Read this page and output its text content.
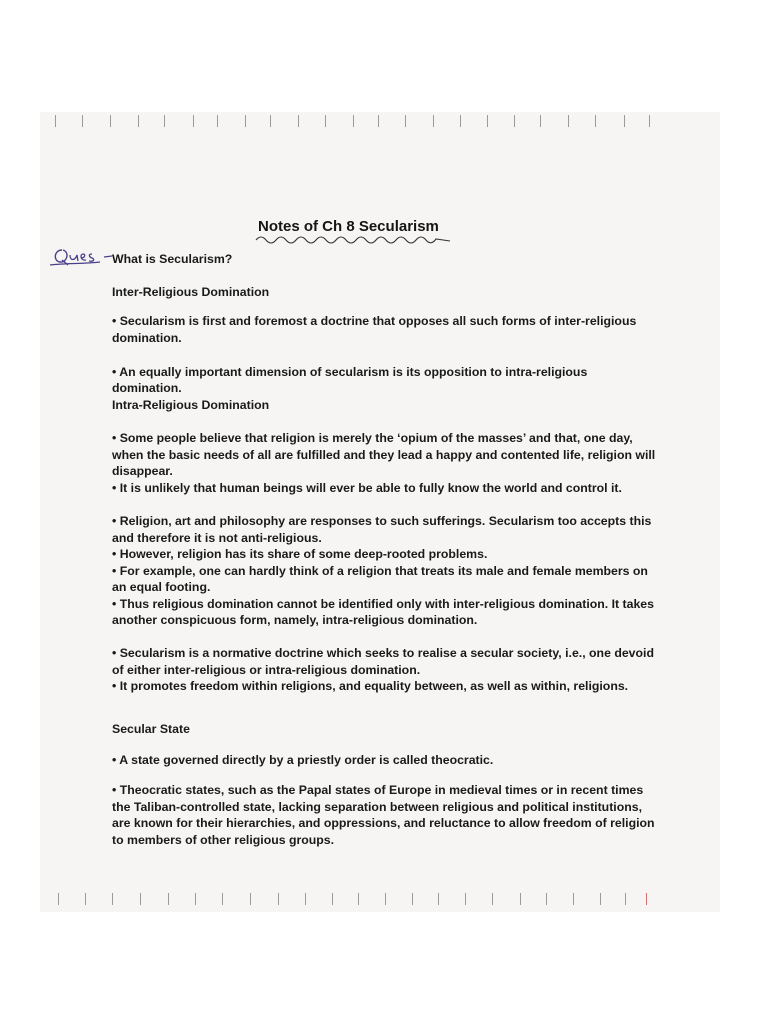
Notes of Ch 8 Secularism

What is Secularism?

Inter-Religious Domination

• Secularism is first and foremost a doctrine that opposes all such forms of inter-religious

domination.

• An equally important dimension of secularism is its opposition to intra-religious

domination.

Intra-Religious Domination

• Some people believe that religion is merely the ‘opium of the masses’ and that, one day,

when the basic needs of all are fulfilled and they lead a happy and contented life, religion will

disappear.

• It is unlikely that human beings will ever be able to fully know the world and control it.

• Religion, art and philosophy are responses to such sufferings. Secularism too accepts this

and therefore it is not anti-religious.

• However, religion has its share of some deep-rooted problems.

• For example, one can hardly think of a religion that treats its male and female members on

an equal footing.

• Thus religious domination cannot be identified only with inter-religious domination. It takes

another conspicuous form, namely, intra-religious domination.

• Secularism is a normative doctrine which seeks to realise a secular society, i.e., one devoid

of either inter-religious or intra-religious domination.

• It promotes freedom within religions, and equality between, as well as within, religions.

Secular State

• A state governed directly by a priestly order is called theocratic.

• Theocratic states, such as the Papal states of Europe in medieval times or in recent times

the Taliban-controlled state, lacking separation between religious and political institutions,

are known for their hierarchies, and oppressions, and reluctance to allow freedom of religion

to members of other religious groups.
